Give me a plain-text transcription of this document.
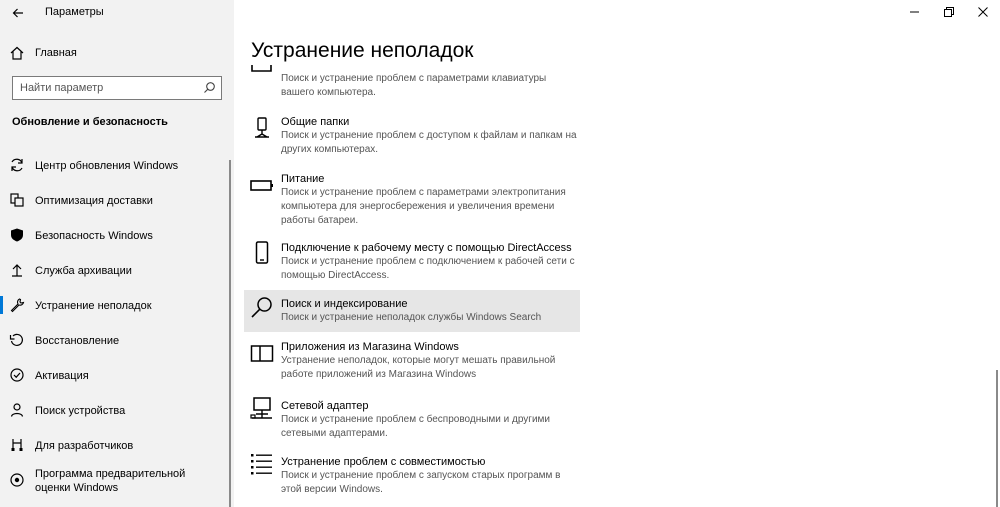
Параметры
Главная
Найти параметр
Обновление и безопасность
Центр обновления Windows
Оптимизация доставки
Безопасность Windows
Служба архивации
Устранение неполадок
Восстановление
Активация
Поиск устройства
Для разработчиков
Программа предварительной оценки Windows
Устранение неполадок
Поиск и устранение проблем с параметрами клавиатуры вашего компьютера.
Общие папки
Поиск и устранение проблем с доступом к файлам и папкам на других компьютерах.
Питание
Поиск и устранение проблем с параметрами электропитания компьютера для энергосбережения и увеличения времени работы батареи.
Подключение к рабочему месту с помощью DirectAccess
Поиск и устранение проблем с подключением к рабочей сети с помощью DirectAccess.
Поиск и индексирование
Поиск и устранение неполадок службы Windows Search
Приложения из Магазина Windows
Устранение неполадок, которые могут мешать правильной работе приложений из Магазина Windows
Сетевой адаптер
Поиск и устранение проблем с беспроводными и другими сетевыми адаптерами.
Устранение проблем с совместимостью
Поиск и устранение проблем с запуском старых программ в этой версии Windows.
